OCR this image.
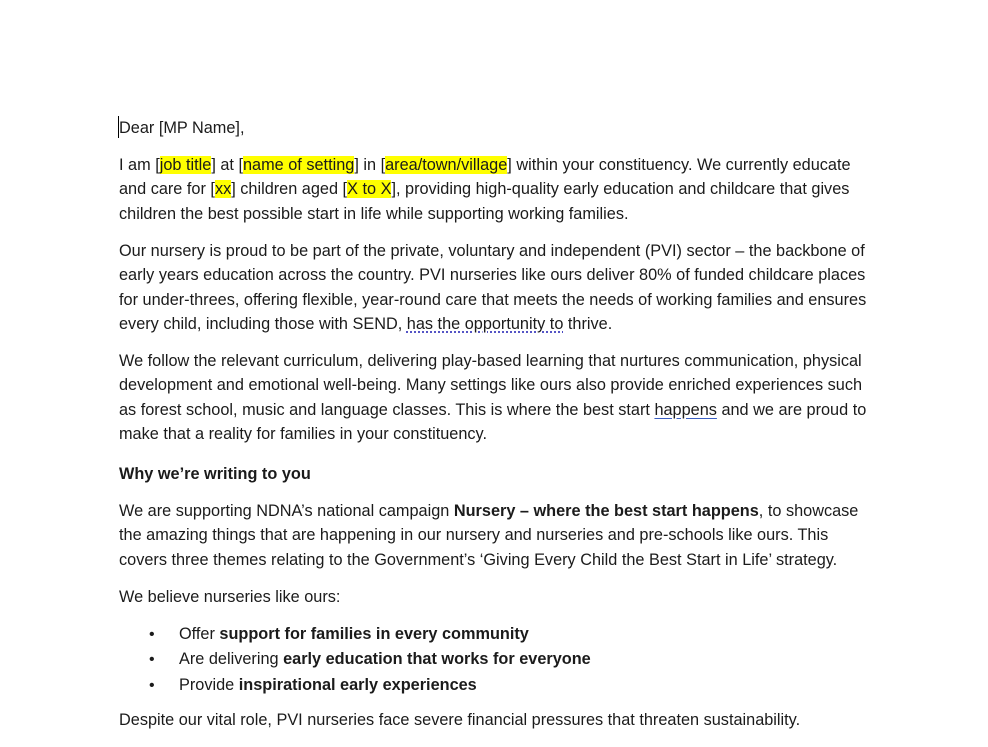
Dear [MP Name],

I am [job title] at [name of setting] in [area/town/village] within your constituency. We currently educate and care for [xx] children aged [X to X], providing high-quality early education and childcare that gives children the best possible start in life while supporting working families.

Our nursery is proud to be part of the private, voluntary and independent (PVI) sector – the backbone of early years education across the country. PVI nurseries like ours deliver 80% of funded childcare places for under-threes, offering flexible, year-round care that meets the needs of working families and ensures every child, including those with SEND, has the opportunity to thrive.

We follow the relevant curriculum, delivering play-based learning that nurtures communication, physical development and emotional well-being. Many settings like ours also provide enriched experiences such as forest school, music and language classes. This is where the best start happens and we are proud to make that a reality for families in your constituency.

Why we’re writing to you

We are supporting NDNA’s national campaign Nursery – where the best start happens, to showcase the amazing things that are happening in our nursery and nurseries and pre-schools like ours. This covers three themes relating to the Government’s ‘Giving Every Child the Best Start in Life’ strategy.

We believe nurseries like ours:

• Offer support for families in every community
• Are delivering early education that works for everyone
• Provide inspirational early experiences

Despite our vital role, PVI nurseries face severe financial pressures that threaten sustainability.
